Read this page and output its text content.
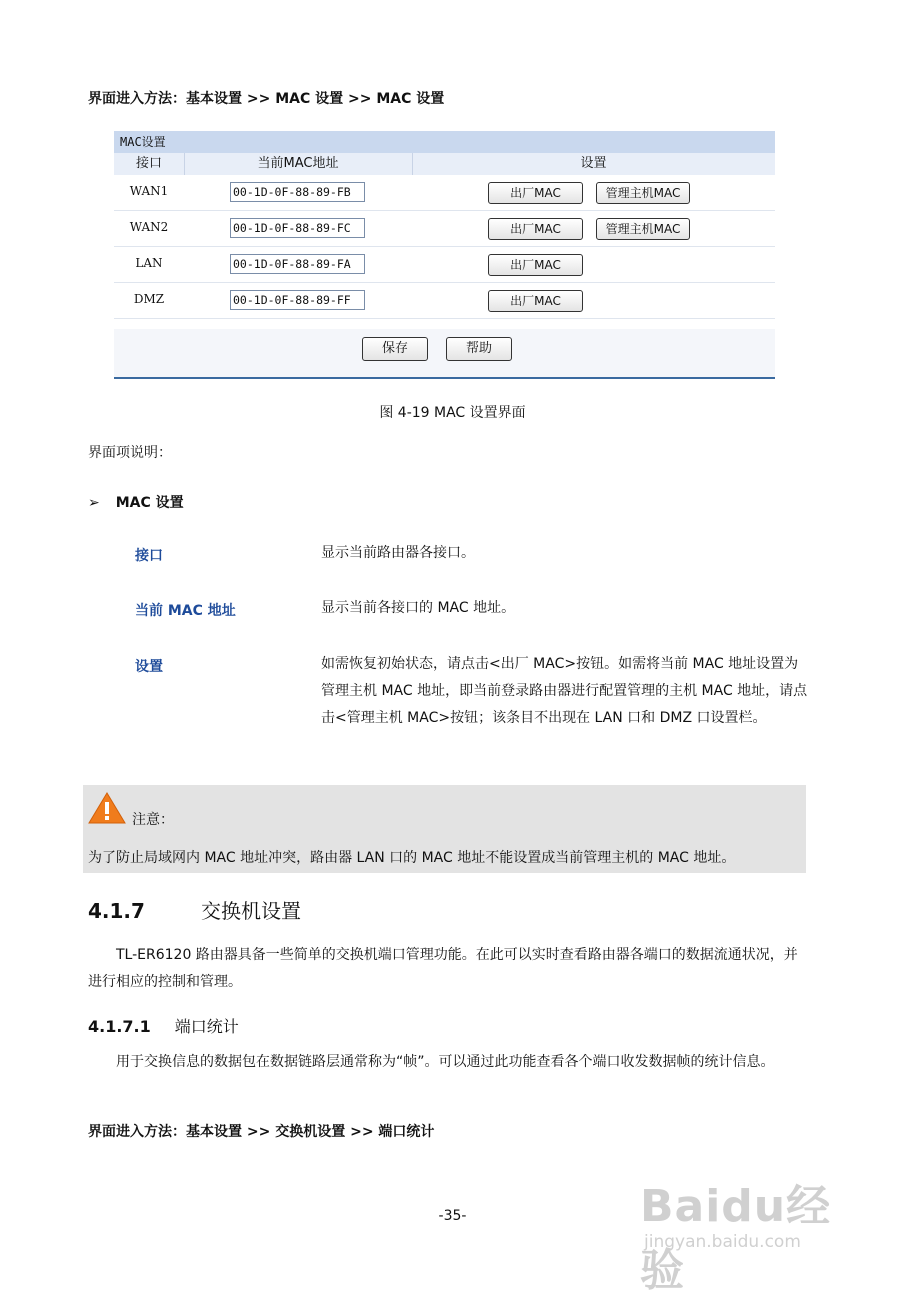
界面进入方法：基本设置 >> MAC 设置 >> MAC 设置
MAC设置
接口	当前MAC地址	设置
WAN1	00-1D-0F-88-89-FB	出厂MAC	管理主机MAC
WAN2	00-1D-0F-88-89-FC	出厂MAC	管理主机MAC
LAN	00-1D-0F-88-89-FA	出厂MAC
DMZ	00-1D-0F-88-89-FF	出厂MAC
保存	帮助
图 4-19 MAC 设置界面
界面项说明：
➢ MAC 设置
接口	显示当前路由器各接口。
当前 MAC 地址	显示当前各接口的 MAC 地址。
设置	如需恢复初始状态，请点击<出厂 MAC>按钮。如需将当前 MAC 地址设置为管理主机 MAC 地址，即当前登录路由器进行配置管理的主机 MAC 地址，请点击<管理主机 MAC>按钮；该条目不出现在 LAN 口和 DMZ 口设置栏。
注意：
为了防止局域网内 MAC 地址冲突，路由器 LAN 口的 MAC 地址不能设置成当前管理主机的 MAC 地址。
4.1.7	交换机设置
TL-ER6120 路由器具备一些简单的交换机端口管理功能。在此可以实时查看路由器各端口的数据流通状况，并进行相应的控制和管理。
4.1.7.1 端口统计
用于交换信息的数据包在数据链路层通常称为“帧”。可以通过此功能查看各个端口收发数据帧的统计信息。
界面进入方法：基本设置 >> 交换机设置 >> 端口统计
-35-	Baidu经验
jingyan.baidu.com
